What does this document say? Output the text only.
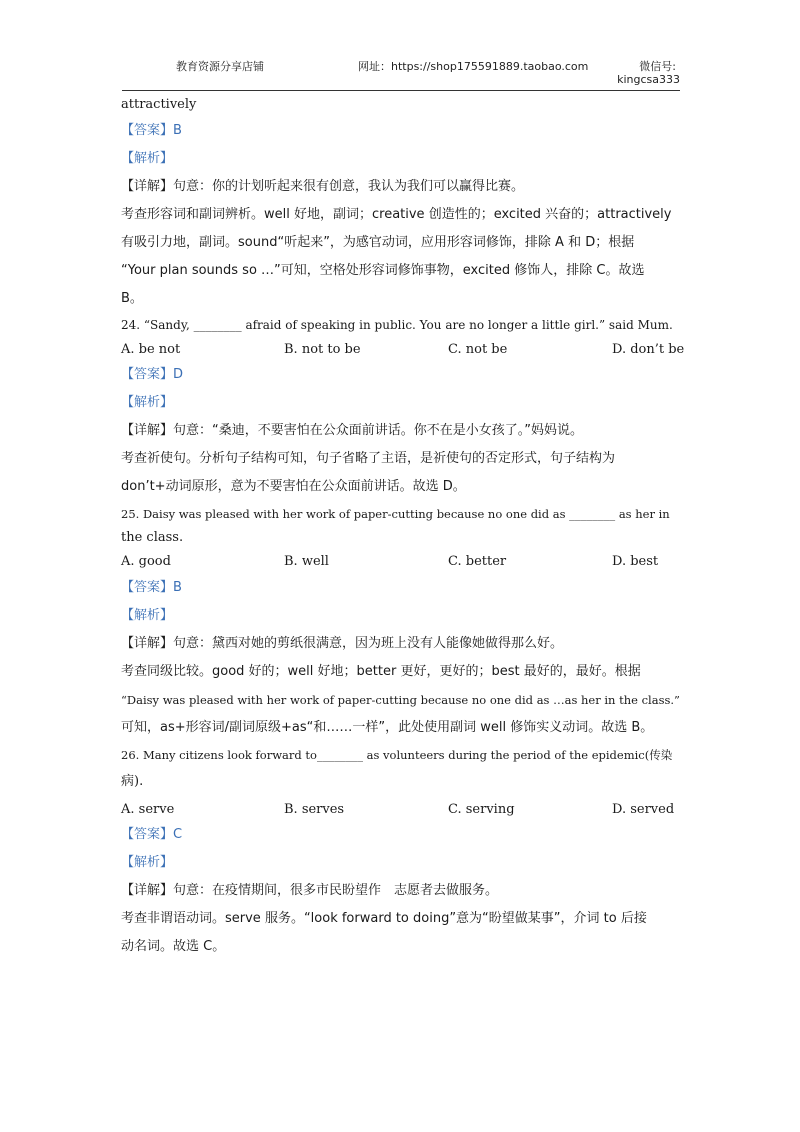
教育资源分享店铺	网址：https://shop175591889.taobao.com	微信号:
kingcsa333
attractively
【答案】B
【解析】
【详解】句意：你的计划听起来很有创意，我认为我们可以赢得比赛。
考查形容词和副词辨析。well 好地，副词；creative 创造性的；excited 兴奋的；attractively
有吸引力地，副词。sound“听起来”，为感官动词，应用形容词修饰，排除 A 和 D；根据
“Your plan sounds so …”可知，空格处形容词修饰事物，excited 修饰人，排除 C。故选
B。
24. “Sandy, ________ afraid of speaking in public. You are no longer a little girl.” said Mum.
A. be not	B. not to be	C. not be	D. don’t be
【答案】D
【解析】
【详解】句意：“桑迪，不要害怕在公众面前讲话。你不在是小女孩了。”妈妈说。
考查祈使句。分析句子结构可知，句子省略了主语，是祈使句的否定形式，句子结构为
don’t+动词原形，意为不要害怕在公众面前讲话。故选 D。
25. Daisy was pleased with her work of paper-cutting because no one did as ________ as her in
the class.
A. good	B. well	C. better	D. best
【答案】B
【解析】
【详解】句意：黛西对她的剪纸很满意，因为班上没有人能像她做得那么好。
考查同级比较。good 好的；well 好地；better 更好，更好的；best 最好的，最好。根据
“Daisy was pleased with her work of paper-cutting because no one did as …as her in the class.”
可知，as+形容词/副词原级+as“和……一样”，此处使用副词 well 修饰实义动词。故选 B。
26. Many citizens look forward to________ as volunteers during the period of the epidemic(传染
病).
A. serve	B. serves	C. serving	D. served
【答案】C
【解析】
【详解】句意：在疫情期间，很多市民盼望作　志愿者去做服务。
考查非谓语动词。serve 服务。“look forward to doing”意为“盼望做某事”，介词 to 后接
动名词。故选 C。
